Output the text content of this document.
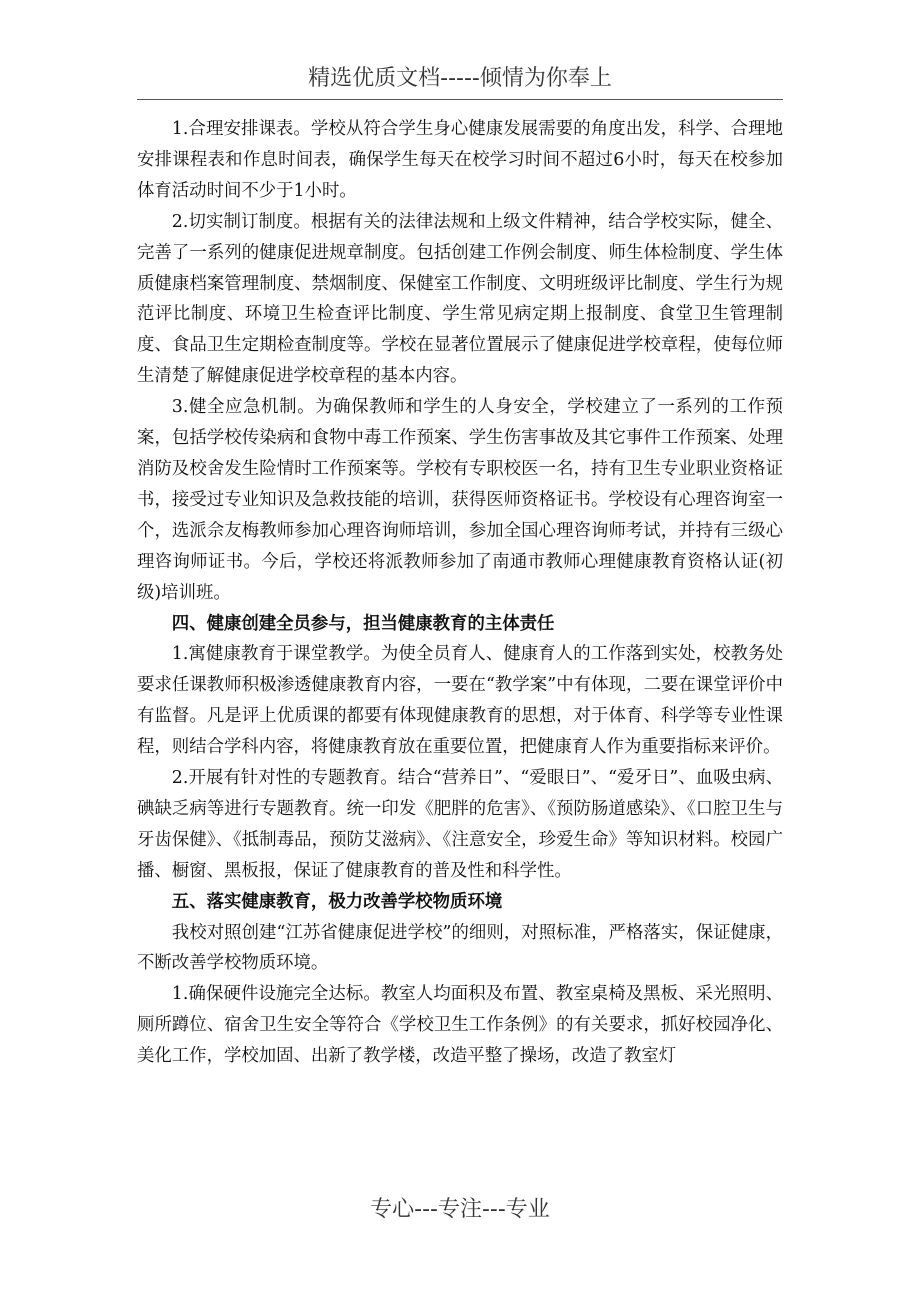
精选优质文档-----倾情为你奉上

1.合理安排课表。学校从符合学生身心健康发展需要的角度出发，科学、合理地安排课程表和作息时间表，确保学生每天在校学习时间不超过6小时，每天在校参加体育活动时间不少于1小时。

2.切实制订制度。根据有关的法律法规和上级文件精神，结合学校实际，健全、完善了一系列的健康促进规章制度。包括创建工作例会制度、师生体检制度、学生体质健康档案管理制度、禁烟制度、保健室工作制度、文明班级评比制度、学生行为规范评比制度、环境卫生检查评比制度、学生常见病定期上报制度、食堂卫生管理制度、食品卫生定期检查制度等。学校在显著位置展示了健康促进学校章程，使每位师生清楚了解健康促进学校章程的基本内容。

3.健全应急机制。为确保教师和学生的人身安全，学校建立了一系列的工作预案，包括学校传染病和食物中毒工作预案、学生伤害事故及其它事件工作预案、处理消防及校舍发生险情时工作预案等。学校有专职校医一名，持有卫生专业职业资格证书，接受过专业知识及急救技能的培训，获得医师资格证书。学校设有心理咨询室一个，选派佘友梅教师参加心理咨询师培训，参加全国心理咨询师考试，并持有三级心理咨询师证书。今后，学校还将派教师参加了南通市教师心理健康教育资格认证(初级)培训班。

四、健康创建全员参与，担当健康教育的主体责任

1.寓健康教育于课堂教学。为使全员育人、健康育人的工作落到实处，校教务处要求任课教师积极渗透健康教育内容，一要在“教学案”中有体现，二要在课堂评价中有监督。凡是评上优质课的都要有体现健康教育的思想，对于体育、科学等专业性课程，则结合学科内容，将健康教育放在重要位置，把健康育人作为重要指标来评价。

2.开展有针对性的专题教育。结合“营养日”、“爱眼日”、“爱牙日”、血吸虫病、碘缺乏病等进行专题教育。统一印发《肥胖的危害》、《预防肠道感染》、《口腔卫生与牙齿保健》、《抵制毒品，预防艾滋病》、《注意安全，珍爱生命》等知识材料。校园广播、橱窗、黑板报，保证了健康教育的普及性和科学性。

五、落实健康教育，极力改善学校物质环境

我校对照创建“江苏省健康促进学校”的细则，对照标准，严格落实，保证健康，不断改善学校物质环境。

1.确保硬件设施完全达标。教室人均面积及布置、教室桌椅及黑板、采光照明、厕所蹲位、宿舍卫生安全等符合《学校卫生工作条例》的有关要求，抓好校园净化、美化工作，学校加固、出新了教学楼，改造平整了操场，改造了教室灯

专心---专注---专业
